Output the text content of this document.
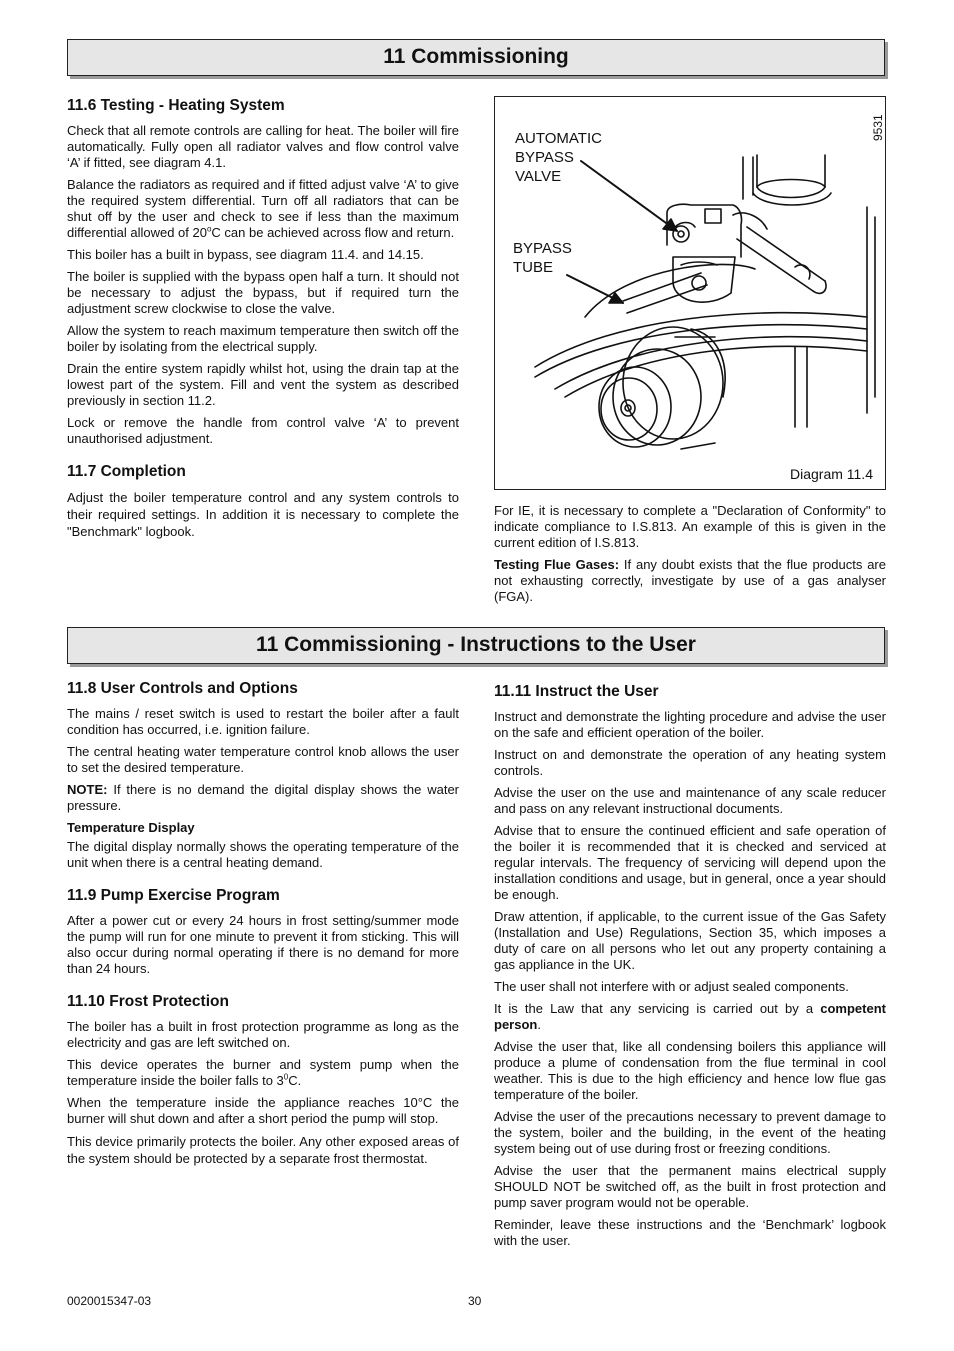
11 Commissioning
11.6 Testing - Heating System

Check that all remote controls are calling for heat. The boiler will fire automatically. Fully open all radiator valves and flow control valve ‘A’ if fitted, see diagram 4.1.

Balance the radiators as required and if fitted adjust valve ‘A’ to give the required system differential. Turn off all radiators that can be shut off by the user and check to see if less than the maximum differential allowed of 20$^o$C can be achieved across flow and return.

This boiler has a built in bypass, see diagram 11.4. and 14.15.

The boiler is supplied with the bypass open half a turn. It should not be necessary to adjust the bypass, but if required turn the adjustment screw clockwise to close the valve.

Allow the system to reach maximum temperature then switch off the boiler by isolating from the electrical supply.

Drain the entire system rapidly whilst hot, using the drain tap at the lowest part of the system. Fill and vent the system as described previously in section 11.2.

Lock or remove the handle from control valve ‘A’ to prevent unauthorised adjustment.

11.7 Completion

Adjust the boiler temperature control and any system controls to their required settings. In addition it is necessary to complete the "Benchmark" logbook.

9531
AUTOMATIC
BYPASS
VALVE
BYPASS
TUBE
Diagram 11.4

For IE, it is necessary to complete a "Declaration of Conformity" to indicate compliance to I.S.813. An example of this is given in the current edition of I.S.813.

Testing Flue Gases: If any doubt exists that the flue products are not exhausting correctly, investigate by use of a gas analyser (FGA).

11 Commissioning - Instructions to the User
11.8 User Controls and Options

The mains / reset switch is used to restart the boiler after a fault condition has occurred, i.e. ignition failure.

The central heating water temperature control knob allows the user to set the desired temperature.

NOTE: If there is no demand the digital display shows the water pressure.

Temperature Display

The digital display normally shows the operating temperature of the unit when there is a central heating demand.

11.9 Pump Exercise Program

After a power cut or every 24 hours in frost setting/summer mode the pump will run for one minute to prevent it from sticking. This will also occur during normal operating if there is no demand for more than 24 hours.

11.10 Frost Protection

The boiler has a built in frost protection programme as long as the electricity and gas are left switched on.

This device operates the burner and system pump when the temperature inside the boiler falls to $3^0C$.

When the temperature inside the appliance reaches 10°C the burner will shut down and after a short period the pump will stop.

This device primarily protects the boiler. Any other exposed areas of the system should be protected by a separate frost thermostat.

11.11 Instruct the User

Instruct and demonstrate the lighting procedure and advise the user on the safe and efficient operation of the boiler.

Instruct on and demonstrate the operation of any heating system controls.

Advise the user on the use and maintenance of any scale reducer and pass on any relevant instructional documents.

Advise that to ensure the continued efficient and safe operation of the boiler it is recommended that it is checked and serviced at regular intervals. The frequency of servicing will depend upon the installation conditions and usage, but in general, once a year should be enough.

Draw attention, if applicable, to the current issue of the Gas Safety (Installation and Use) Regulations, Section 35, which imposes a duty of care on all persons who let out any property containing a gas appliance in the UK.

The user shall not interfere with or adjust sealed components.

It is the Law that any servicing is carried out by a competent person.

Advise the user that, like all condensing boilers this appliance will produce a plume of condensation from the flue terminal in cool weather. This is due to the high efficiency and hence low flue gas temperature of the boiler.

Advise the user of the precautions necessary to prevent damage to the system, boiler and the building, in the event of the heating system being out of use during frost or freezing conditions.

Advise the user that the permanent mains electrical supply SHOULD NOT be switched off, as the built in frost protection and pump saver program would not be operable.

Reminder, leave these instructions and the ‘Benchmark’ logbook with the user.

0020015347-03	30
